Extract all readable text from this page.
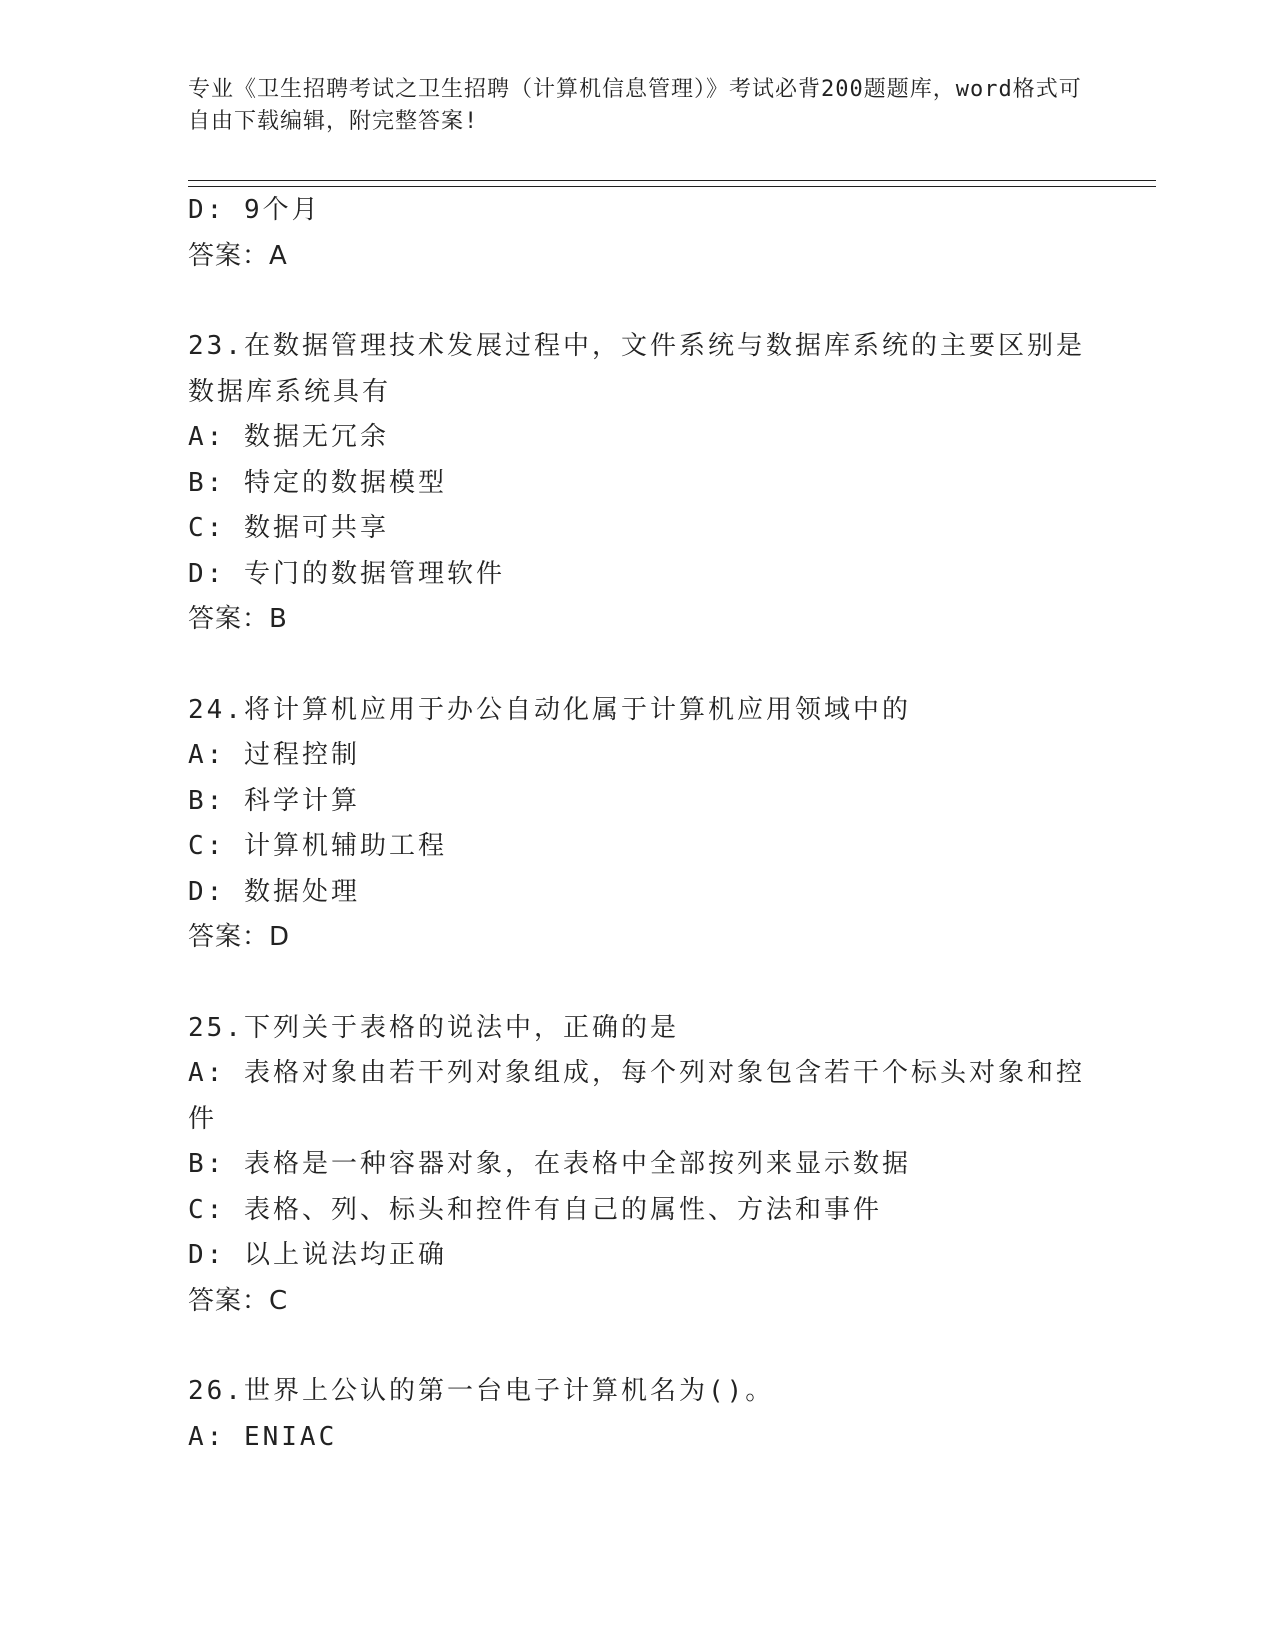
专业《卫生招聘考试之卫生招聘（计算机信息管理）》考试必背200题题库，word格式可自由下载编辑，附完整答案!
D: 9个月
答案：A
23.在数据管理技术发展过程中，文件系统与数据库系统的主要区别是数据库系统具有
A: 数据无冗余
B: 特定的数据模型
C: 数据可共享
D: 专门的数据管理软件
答案：B
24.将计算机应用于办公自动化属于计算机应用领域中的
A: 过程控制
B: 科学计算
C: 计算机辅助工程
D: 数据处理
答案：D
25.下列关于表格的说法中，正确的是
A: 表格对象由若干列对象组成，每个列对象包含若干个标头对象和控件
B: 表格是一种容器对象，在表格中全部按列来显示数据
C: 表格、列、标头和控件有自己的属性、方法和事件
D: 以上说法均正确
答案：C
26.世界上公认的第一台电子计算机名为()。
A: ENIAC
